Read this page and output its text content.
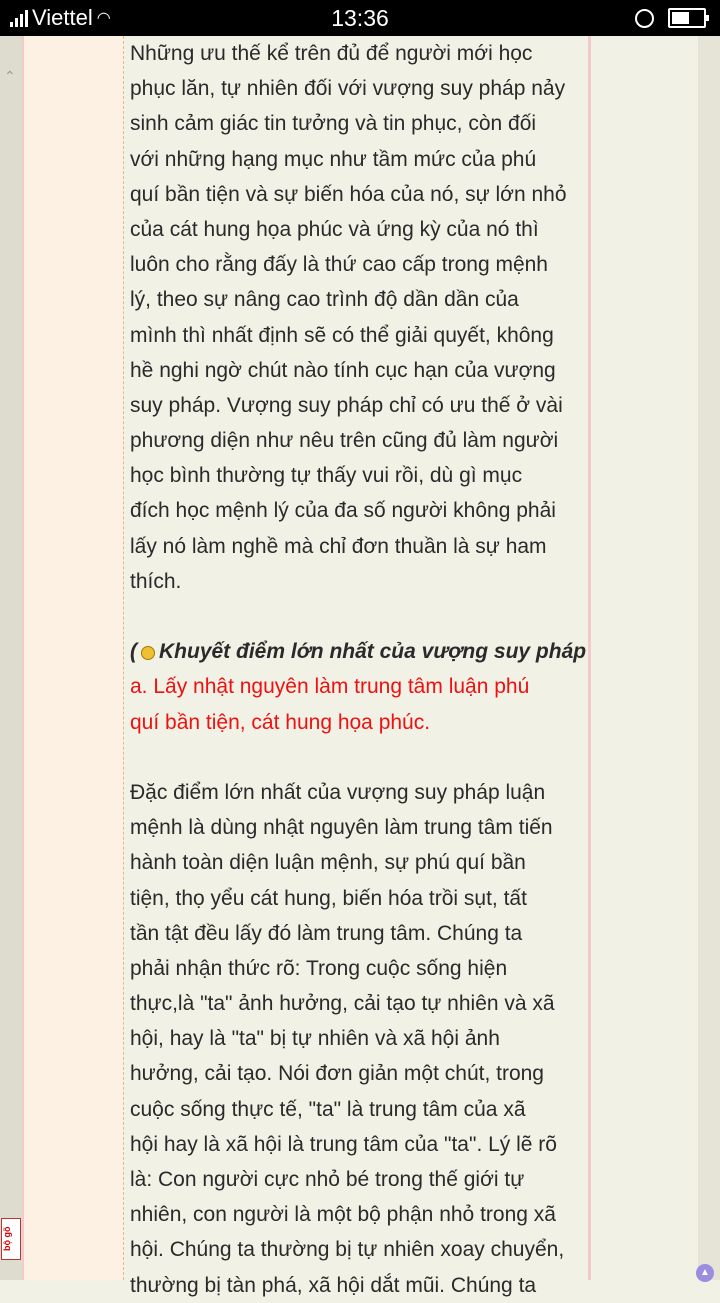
Viettel ◠	13:36
⌃
Những ưu thế kể trên đủ để người mới học
phục lăn, tự nhiên đối với vượng suy pháp nảy
sinh cảm giác tin tưởng và tin phục, còn đối
với những hạng mục như tầm mức của phú
quí bần tiện và sự biến hóa của nó, sự lớn nhỏ
của cát hung họa phúc và ứng kỳ của nó thì
luôn cho rằng đấy là thứ cao cấp trong mệnh
lý, theo sự nâng cao trình độ dần dần của
mình thì nhất định sẽ có thể giải quyết, không
hề nghi ngờ chút nào tính cục hạn của vượng
suy pháp. Vượng suy pháp chỉ có ưu thế ở vài
phương diện như nêu trên cũng đủ làm người
học bình thường tự thấy vui rồi, dù gì mục
đích học mệnh lý của đa số người không phải
lấy nó làm nghề mà chỉ đơn thuần là sự ham
thích.
( Khuyết điểm lớn nhất của vượng suy pháp
a. Lấy nhật nguyên làm trung tâm luận phú
quí bần tiện, cát hung họa phúc.
Đặc điểm lớn nhất của vượng suy pháp luận
mệnh là dùng nhật nguyên làm trung tâm tiến
hành toàn diện luận mệnh, sự phú quí bần
tiện, thọ yểu cát hung, biến hóa trồi sụt, tất
tần tật đều lấy đó làm trung tâm. Chúng ta
phải nhận thức rõ: Trong cuộc sống hiện
thực,là "ta" ảnh hưởng, cải tạo tự nhiên và xã
hội, hay là "ta" bị tự nhiên và xã hội ảnh
hưởng, cải tạo. Nói đơn giản một chút, trong
cuộc sống thực tế, "ta" là trung tâm của xã
hội hay là xã hội là trung tâm của "ta". Lý lẽ rõ
là: Con người cực nhỏ bé trong thế giới tự
nhiên, con người là một bộ phận nhỏ trong xã
hội. Chúng ta thường bị tự nhiên xoay chuyển,
thường bị tàn phá, xã hội dắt mũi. Chúng ta
bộ gõ
▲
